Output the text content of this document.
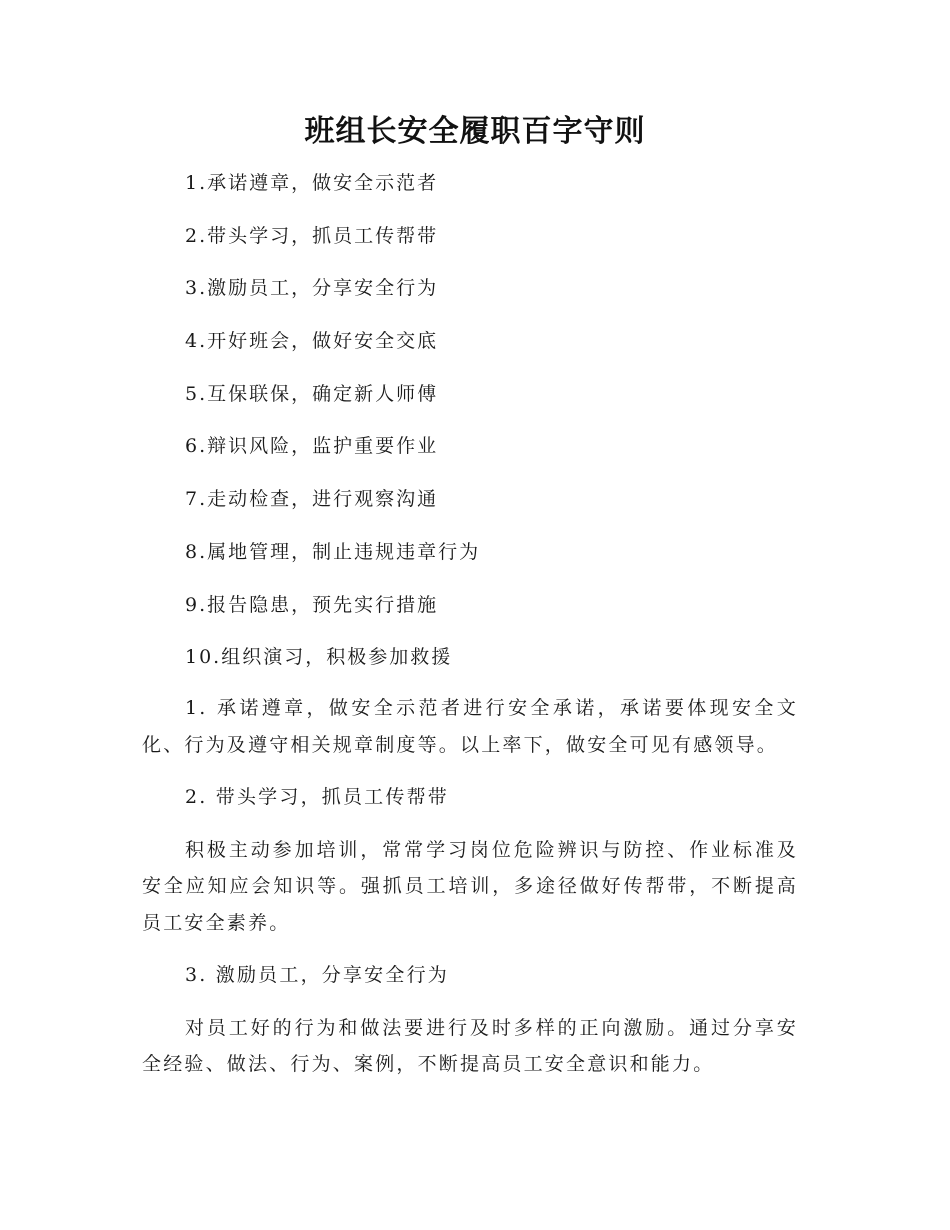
班组长安全履职百字守则
1.承诺遵章，做安全示范者
2.带头学习，抓员工传帮带
3.激励员工，分享安全行为
4.开好班会，做好安全交底
5.互保联保，确定新人师傅
6.辩识风险，监护重要作业
7.走动检查，进行观察沟通
8.属地管理，制止违规违章行为
9.报告隐患，预先实行措施
10.组织演习，积极参加救援

1. 承诺遵章，做安全示范者进行安全承诺，承诺要体现安全文化、行为及遵守相关规章制度等。以上率下，做安全可见有感领导。

2. 带头学习，抓员工传帮带

积极主动参加培训，常常学习岗位危险辨识与防控、作业标准及安全应知应会知识等。强抓员工培训，多途径做好传帮带，不断提高员工安全素养。

3. 激励员工，分享安全行为

对员工好的行为和做法要进行及时多样的正向激励。通过分享安全经验、做法、行为、案例，不断提高员工安全意识和能力。
